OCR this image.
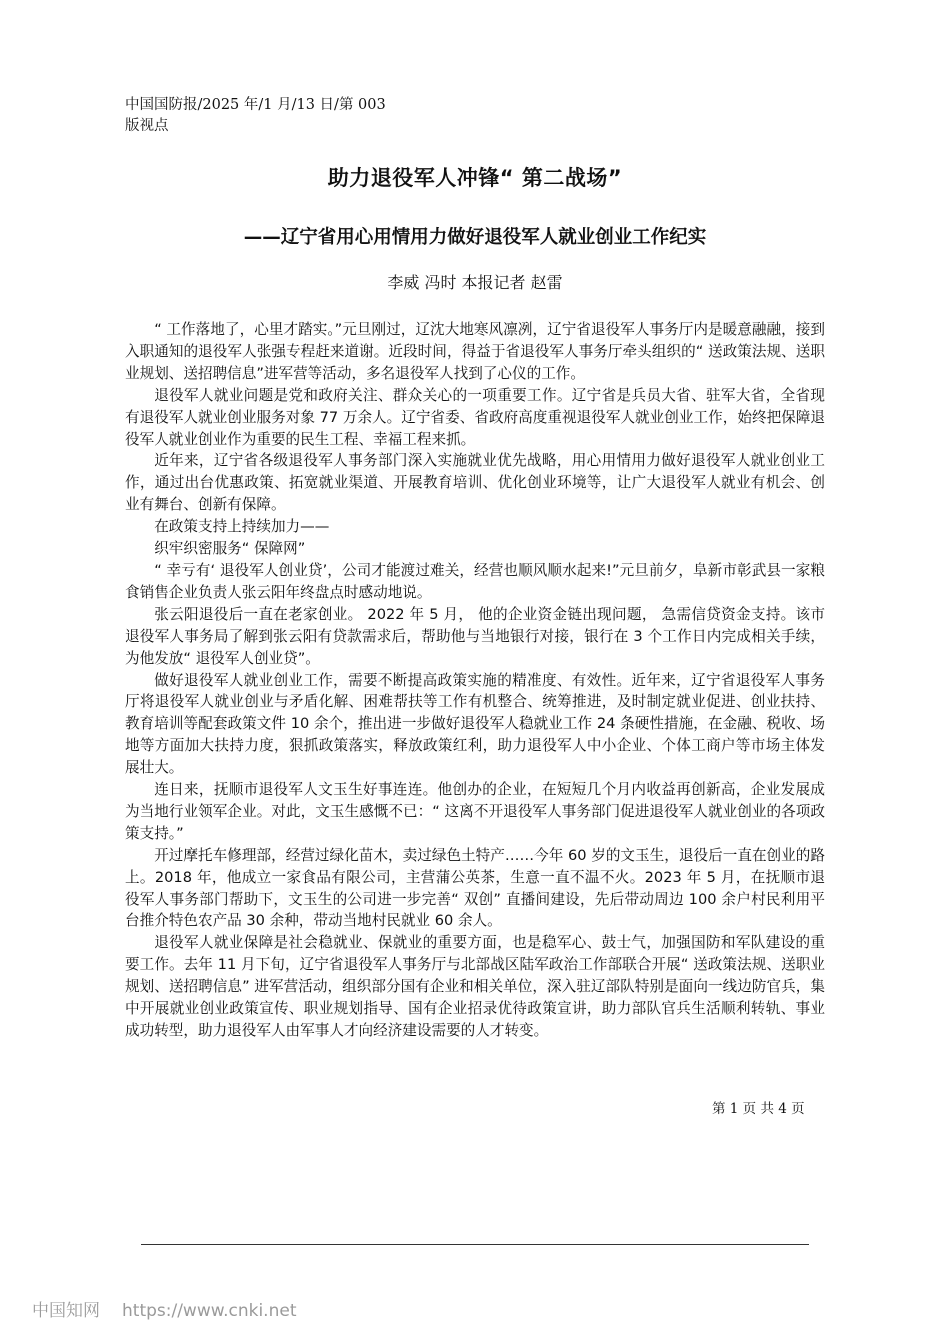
中国国防报/2025 年/1 月/13 日/第 003
版视点
助力退役军人冲锋“ 第二战场”
——辽宁省用心用情用力做好退役军人就业创业工作纪实
李威 冯时 本报记者 赵雷

“ 工作落地了，心里才踏实。”元旦刚过，辽沈大地寒风凛冽，辽宁省退役军人事务厅内是暖意融融，接到入职通知的退役军人张强专程赶来道谢。近段时间，得益于省退役军人事务厅牵头组织的“ 送政策法规、送职业规划、送招聘信息”进军营等活动，多名退役军人找到了心仪的工作。

退役军人就业问题是党和政府关注、群众关心的一项重要工作。辽宁省是兵员大省、驻军大省，全省现有退役军人就业创业服务对象 77 万余人。辽宁省委、省政府高度重视退役军人就业创业工作，始终把保障退役军人就业创业作为重要的民生工程、幸福工程来抓。

近年来，辽宁省各级退役军人事务部门深入实施就业优先战略，用心用情用力做好退役军人就业创业工作，通过出台优惠政策、拓宽就业渠道、开展教育培训、优化创业环境等，让广大退役军人就业有机会、创业有舞台、创新有保障。

在政策支持上持续加力——

织牢织密服务“ 保障网”

“ 幸亏有‘ 退役军人创业贷’，公司才能渡过难关，经营也顺风顺水起来!”元旦前夕，阜新市彰武县一家粮食销售企业负责人张云阳年终盘点时感动地说。

张云阳退役后一直在老家创业。 2022 年 5 月， 他的企业资金链出现问题， 急需信贷资金支持。该市退役军人事务局了解到张云阳有贷款需求后，帮助他与当地银行对接，银行在 3 个工作日内完成相关手续，为他发放“ 退役军人创业贷”。

做好退役军人就业创业工作，需要不断提高政策实施的精准度、有效性。近年来，辽宁省退役军人事务厅将退役军人就业创业与矛盾化解、困难帮扶等工作有机整合、统筹推进，及时制定就业促进、创业扶持、教育培训等配套政策文件 10 余个，推出进一步做好退役军人稳就业工作 24 条硬性措施，在金融、税收、场地等方面加大扶持力度，狠抓政策落实，释放政策红利，助力退役军人中小企业、个体工商户等市场主体发展壮大。

连日来，抚顺市退役军人文玉生好事连连。他创办的企业，在短短几个月内收益再创新高，企业发展成为当地行业领军企业。对此，文玉生感慨不已：“ 这离不开退役军人事务部门促进退役军人就业创业的各项政策支持。”

开过摩托车修理部，经营过绿化苗木，卖过绿色土特产……今年 60 岁的文玉生，退役后一直在创业的路上。2018 年，他成立一家食品有限公司，主营蒲公英茶，生意一直不温不火。2023 年 5 月，在抚顺市退役军人事务部门帮助下，文玉生的公司进一步完善“ 双创” 直播间建设，先后带动周边 100 余户村民利用平台推介特色农产品 30 余种，带动当地村民就业 60 余人。

退役军人就业保障是社会稳就业、保就业的重要方面，也是稳军心、鼓士气，加强国防和军队建设的重要工作。去年 11 月下旬，辽宁省退役军人事务厅与北部战区陆军政治工作部联合开展“ 送政策法规、送职业规划、送招聘信息” 进军营活动，组织部分国有企业和相关单位，深入驻辽部队特别是面向一线边防官兵，集中开展就业创业政策宣传、职业规划指导、国有企业招录优待政策宣讲，助力部队官兵生活顺利转轨、事业成功转型，助力退役军人由军事人才向经济建设需要的人才转变。

第 1 页 共 4 页
中国知网 https://www.cnki.net
